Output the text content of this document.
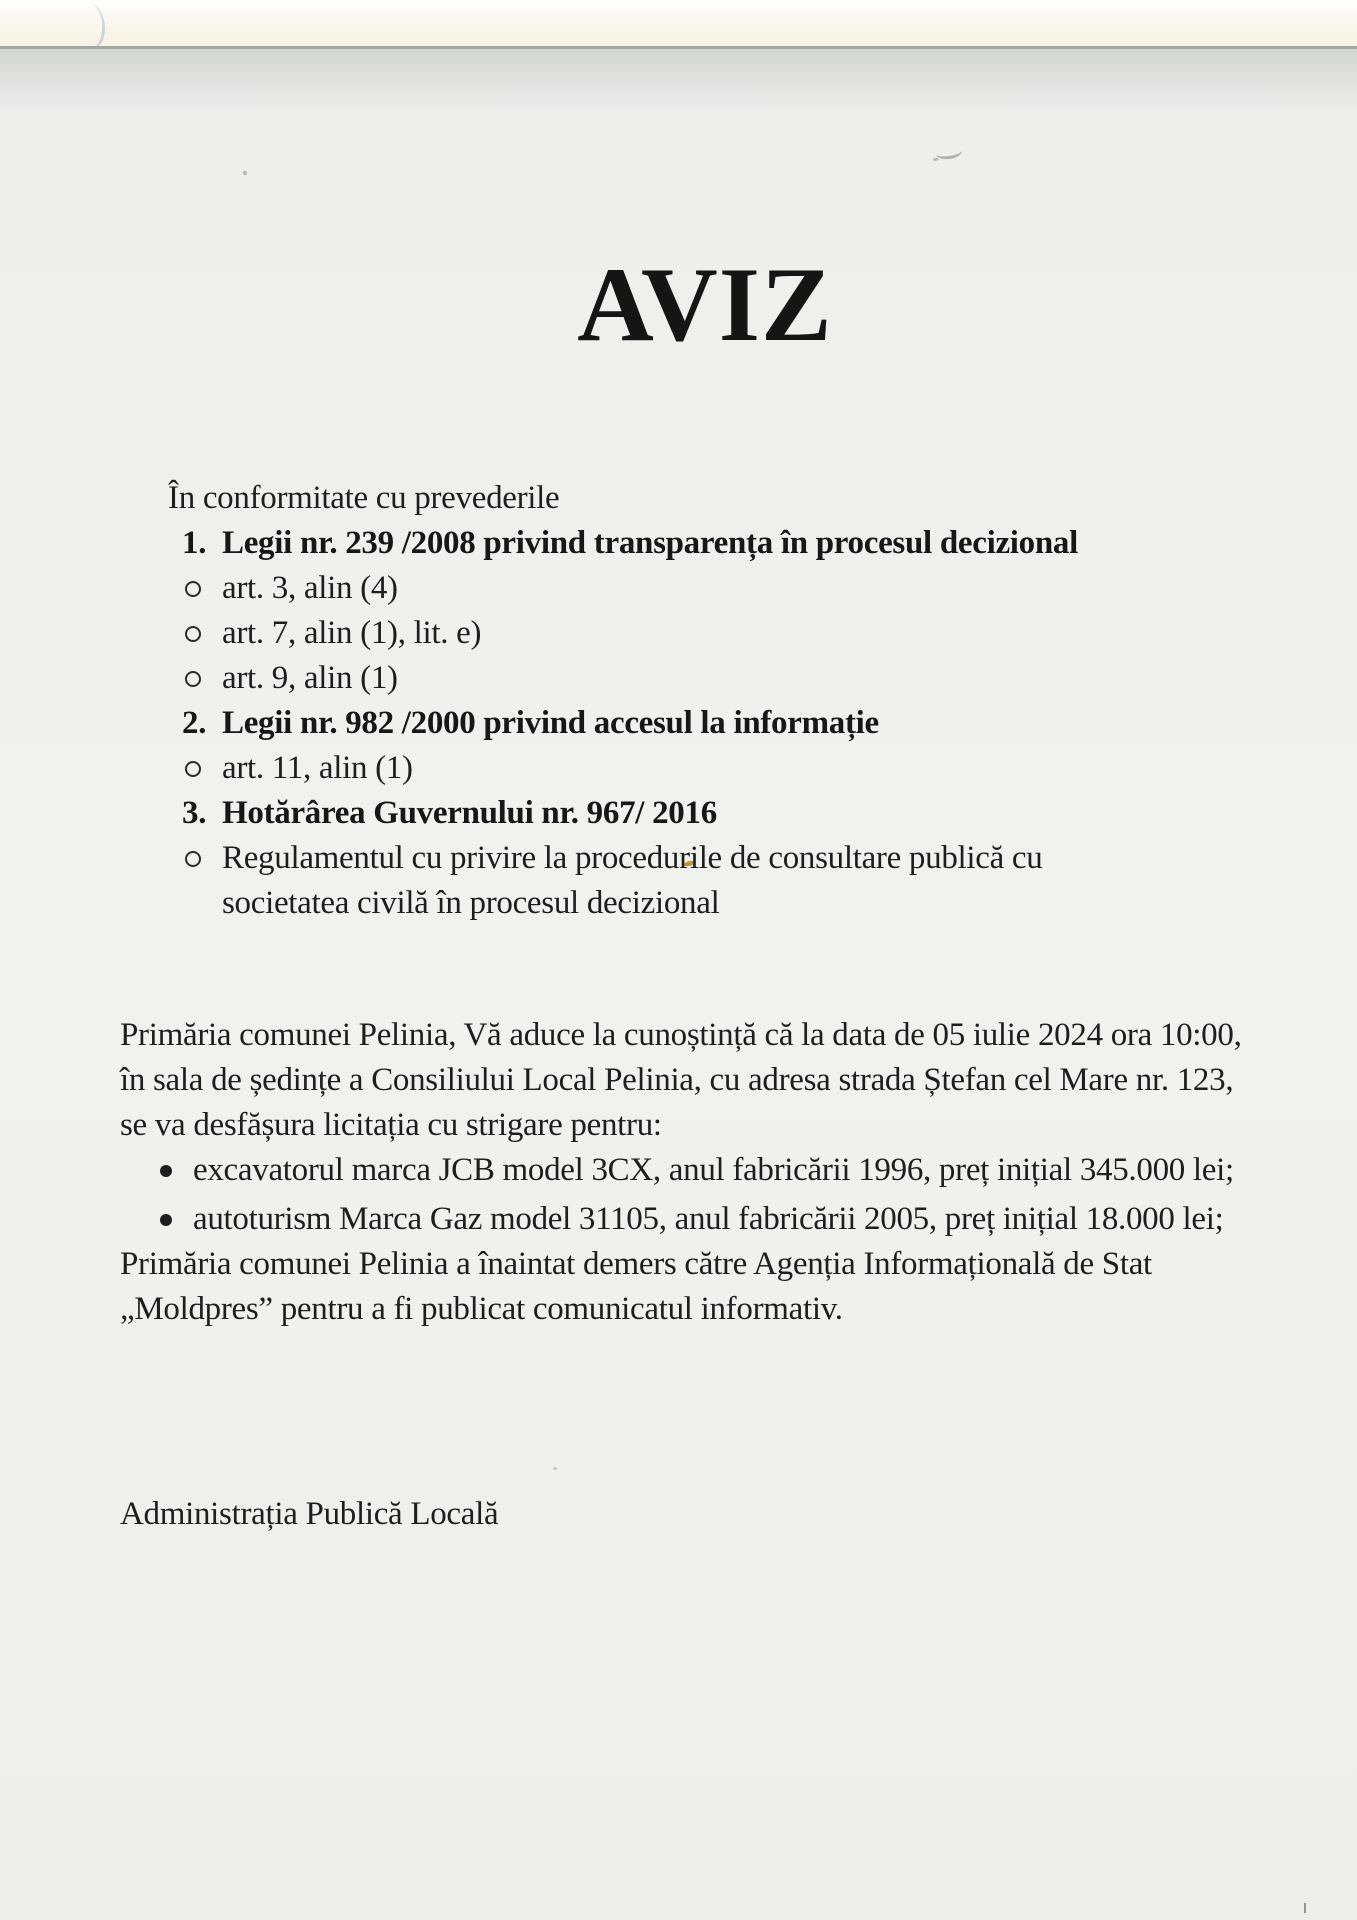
AVIZ
În conformitate cu prevederile
1. Legii nr. 239 /2008 privind transparența în procesul decizional
art. 3, alin (4)
art. 7, alin (1), lit. e)
art. 9, alin (1)
2. Legii nr. 982 /2000 privind accesul la informație
art. 11, alin (1)
3. Hotărârea Guvernului nr. 967/ 2016
Regulamentul cu privire la procedurile de consultare publică cu societatea civilă în procesul decizional

Primăria comunei Pelinia, Vă aduce la cunoștință că la data de 05 iulie 2024 ora 10:00, în sala de ședințe a Consiliului Local Pelinia, cu adresa strada Ștefan cel Mare nr. 123, se va desfășura licitația cu strigare pentru:

excavatorul marca JCB model 3CX, anul fabricării 1996, preț inițial 345.000 lei;
autoturism Marca Gaz model 31105, anul fabricării 2005, preț inițial 18.000 lei;

Primăria comunei Pelinia a înaintat demers către Agenția Informațională de Stat „Moldpres” pentru a fi publicat comunicatul informativ.

Administrația Publică Locală
